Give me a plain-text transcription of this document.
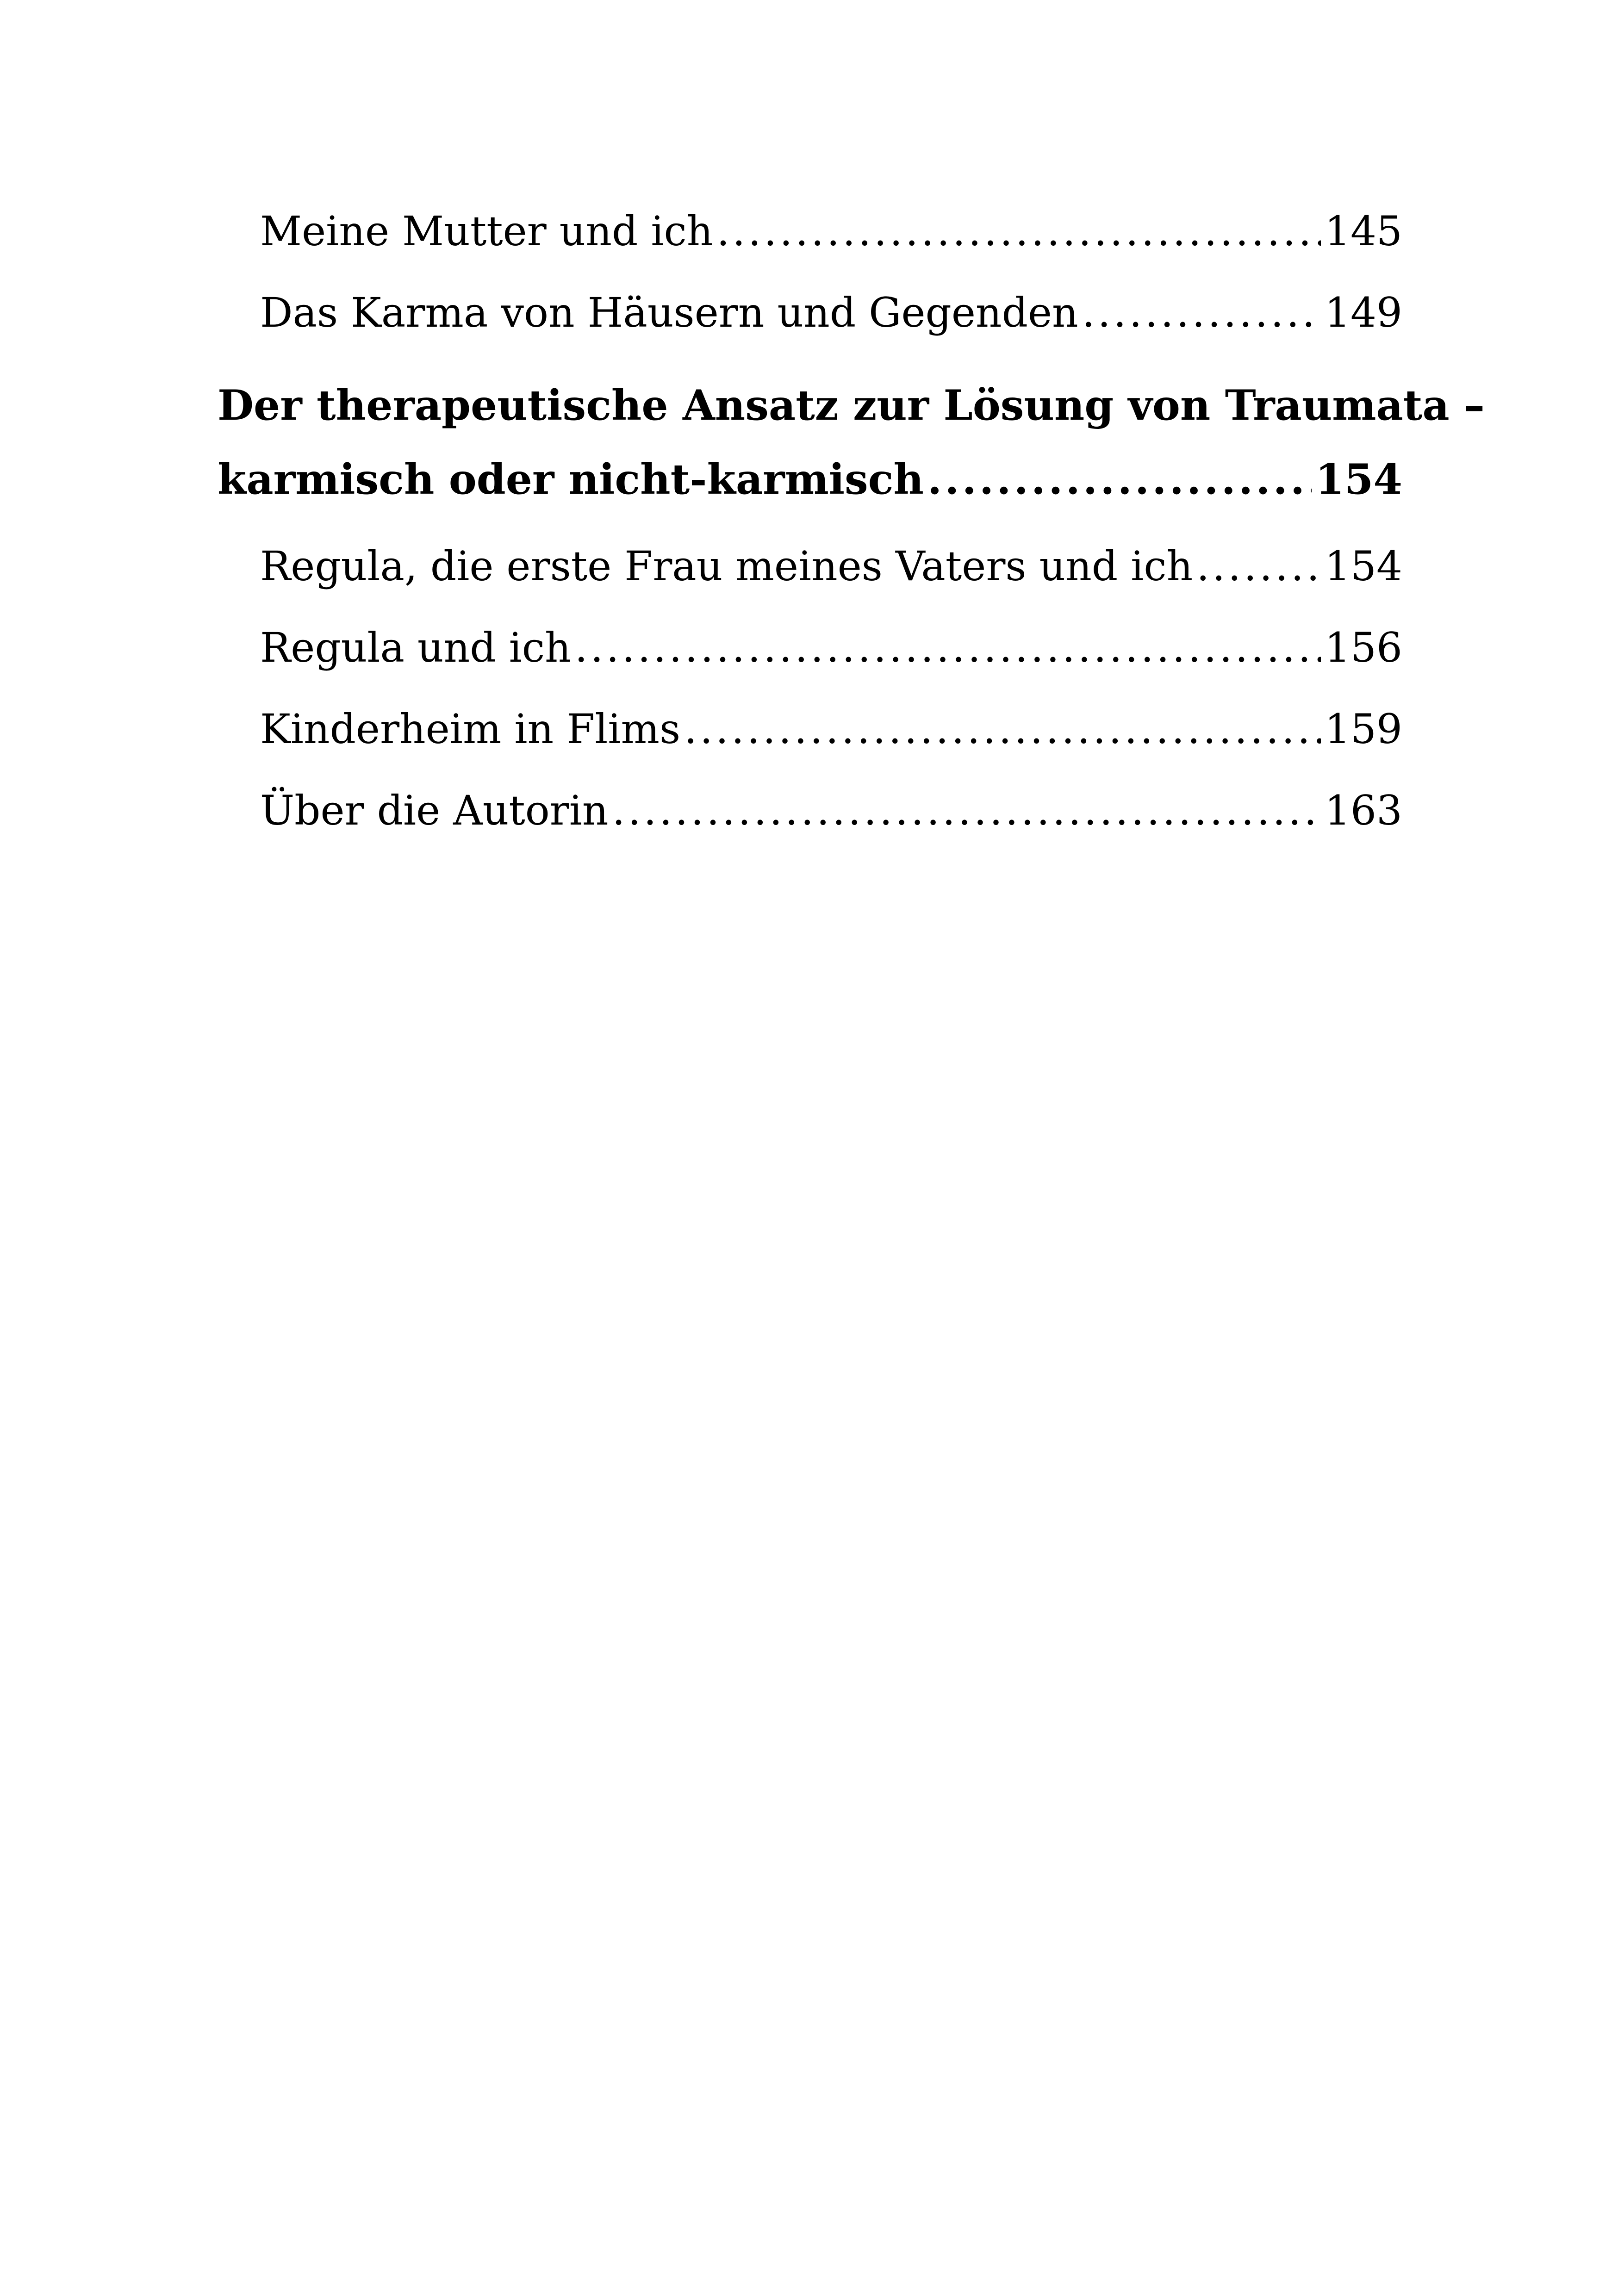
Meine Mutter und ich .....	145
Das Karma von Häusern und Gegenden .....	149
Der therapeutische Ansatz zur Lösung von Traumata –
karmisch oder nicht-karmisch .....	154
Regula, die erste Frau meines Vaters und ich .....	154
Regula und ich .....	156
Kinderheim in Flims .....	159
Über die Autorin .....	163
